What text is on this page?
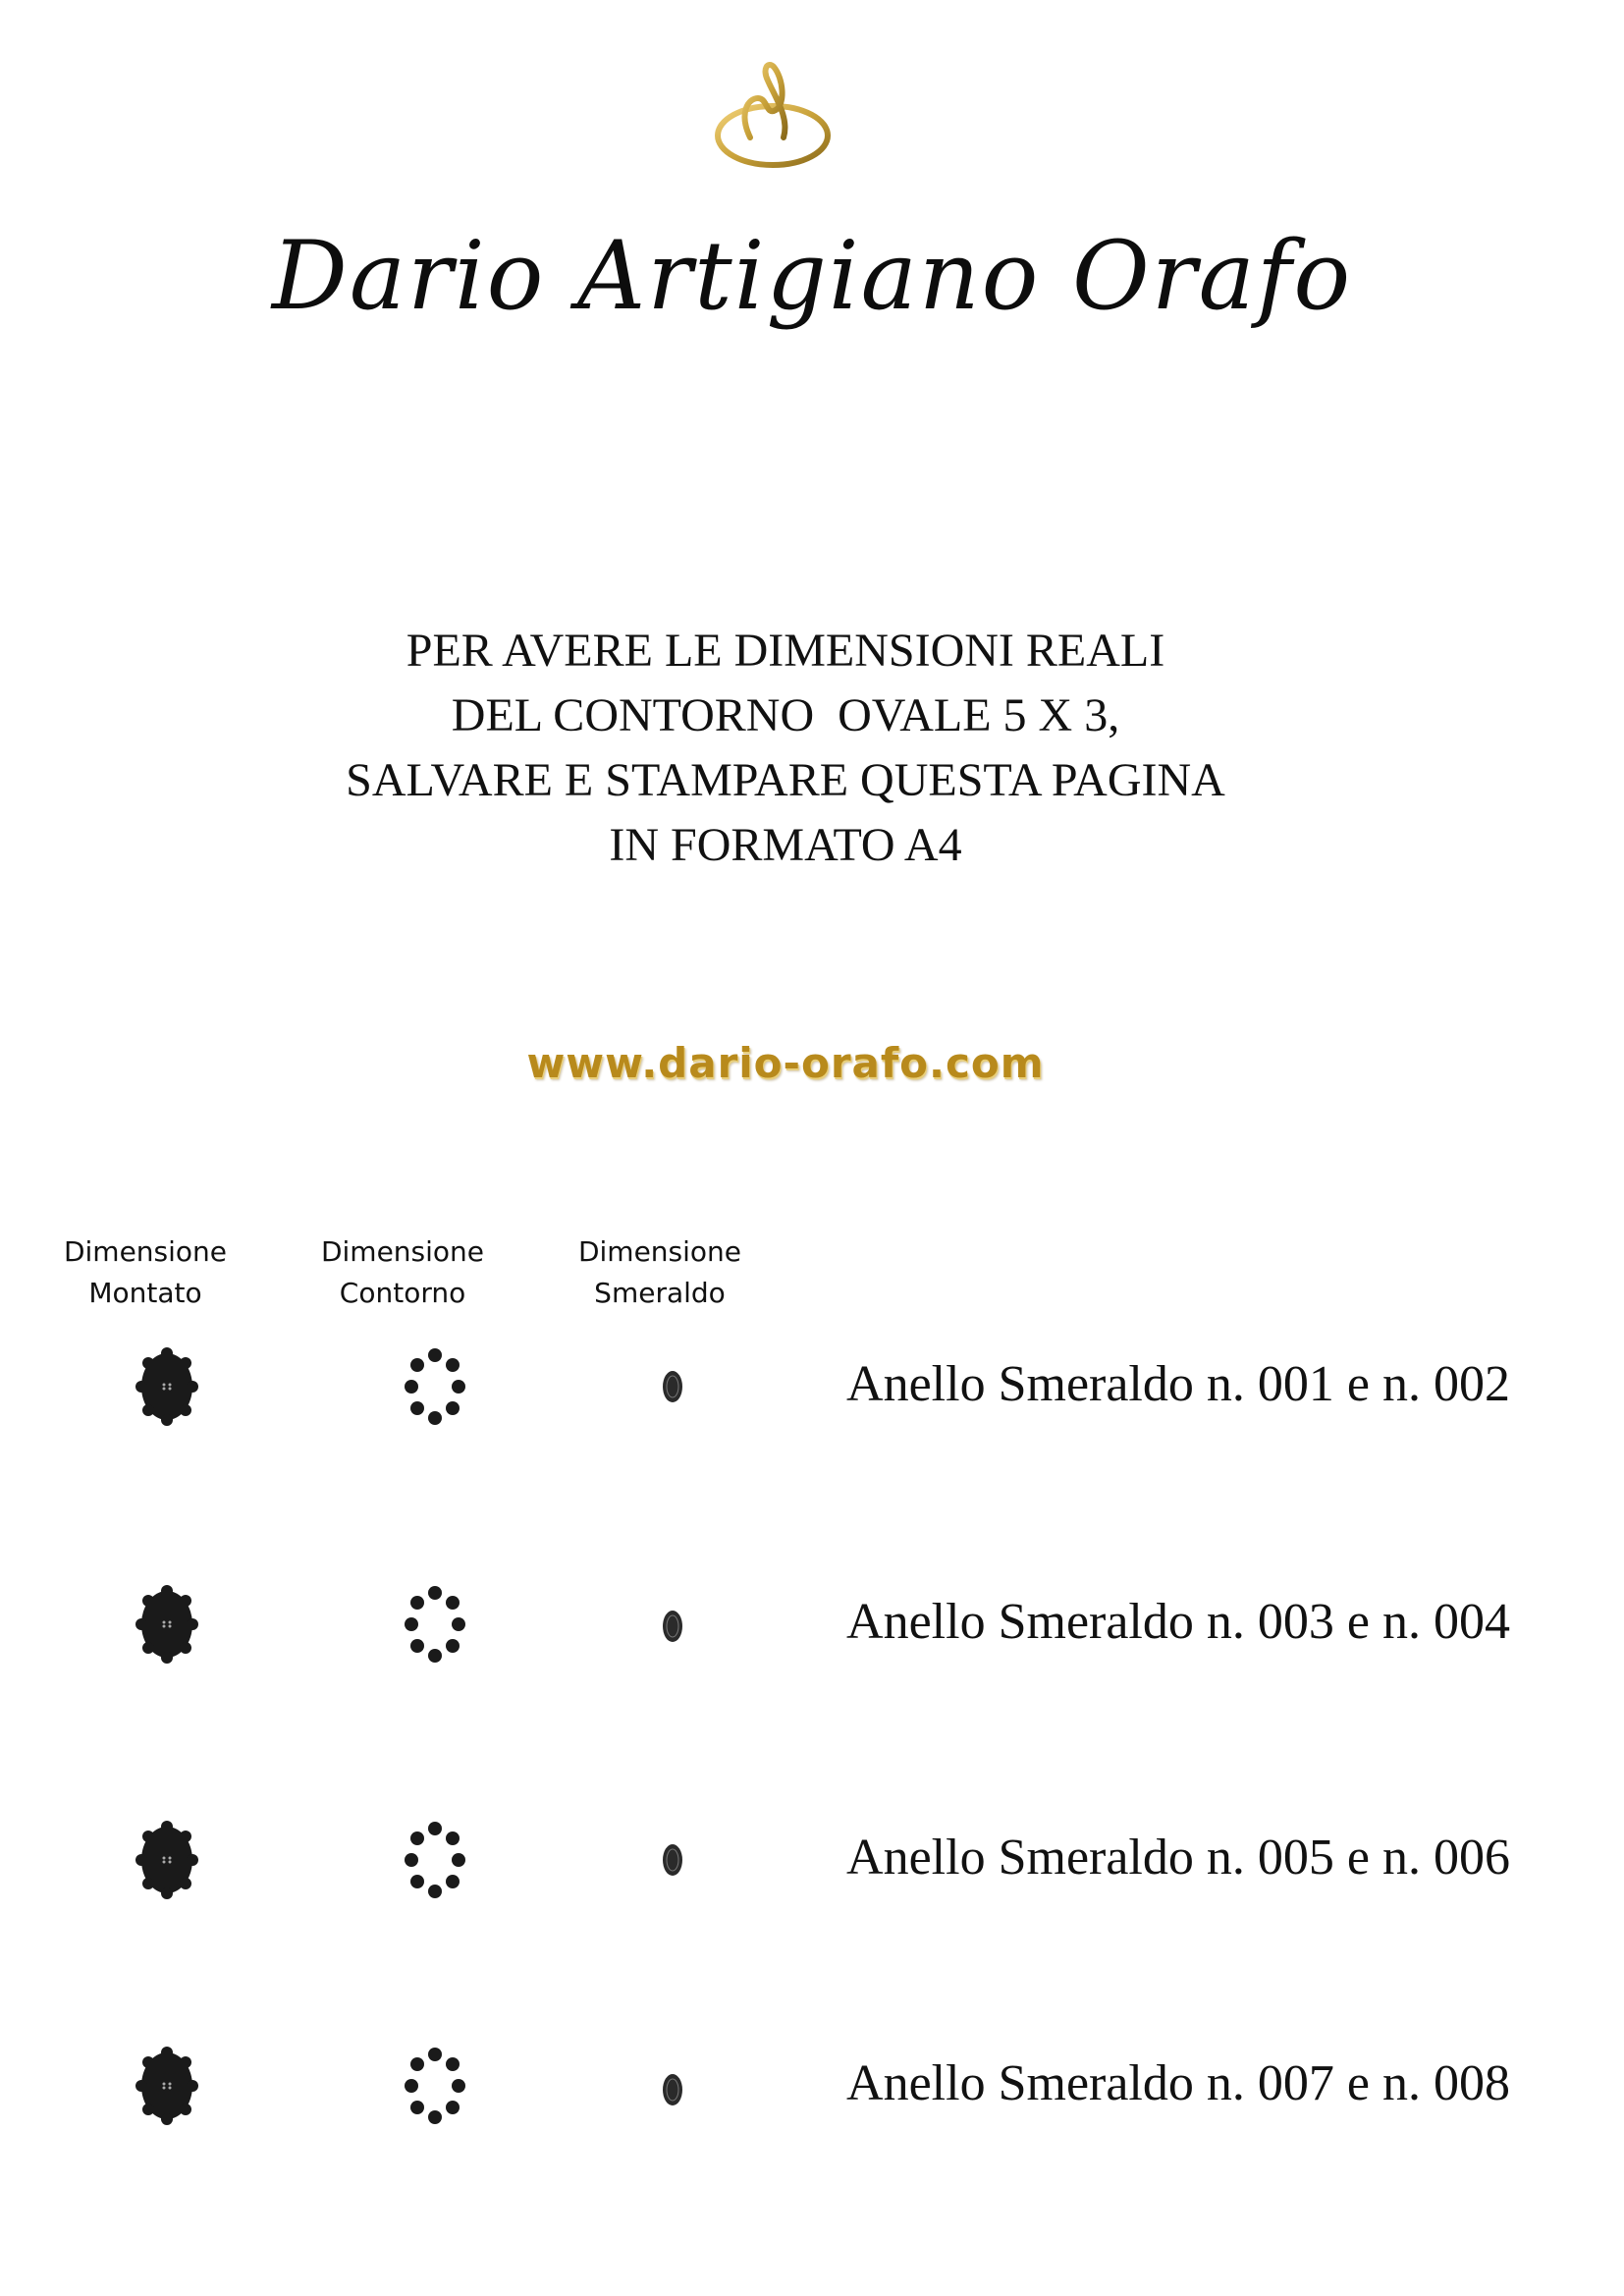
Dario Artigiano Orafo
PER AVERE LE DIMENSIONI REALI
DEL CONTORNO  OVALE 5 X 3,
SALVARE E STAMPARE QUESTA PAGINA
IN FORMATO A4
www.dario-orafo.com
Dimensione
Montato
Dimensione
Contorno
Dimensione
Smeraldo
Anello Smeraldo n. 001 e n. 002
Anello Smeraldo n. 003 e n. 004
Anello Smeraldo n. 005 e n. 006
Anello Smeraldo n. 007 e n. 008
